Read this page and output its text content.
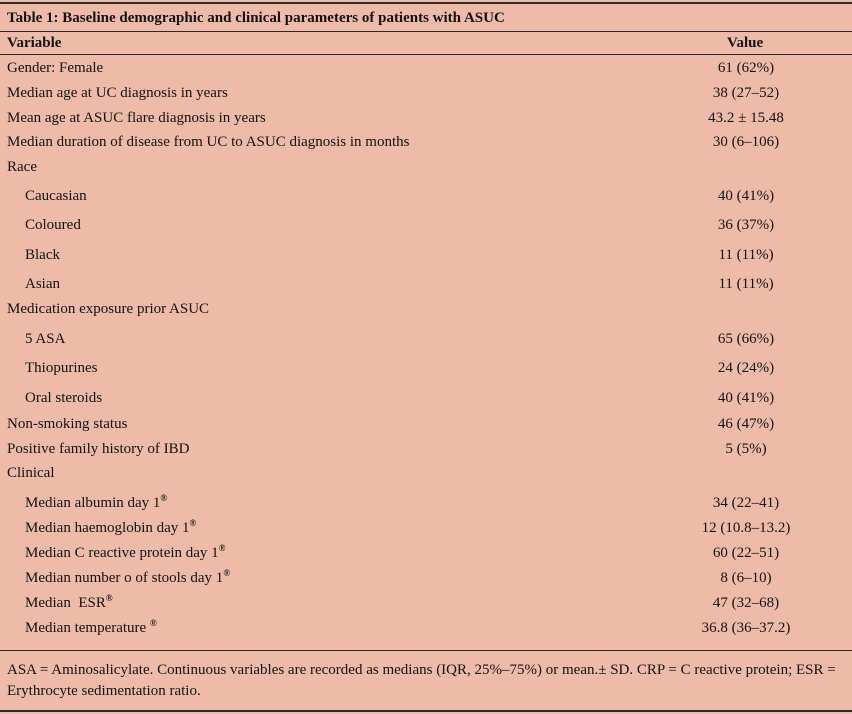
Table 1: Baseline demographic and clinical parameters of patients with ASUC
Variable	Value
Gender: Female	61 (62%)
Median age at UC diagnosis in years	38 (27–52)
Mean age at ASUC flare diagnosis in years	43.2 ± 15.48
Median duration of disease from UC to ASUC diagnosis in months	30 (6–106)
Race
Caucasian	40 (41%)
Coloured	36 (37%)
Black	11 (11%)
Asian	11 (11%)
Medication exposure prior ASUC
5 ASA	65 (66%)
Thiopurines	24 (24%)
Oral steroids	40 (41%)
Non-smoking status	46 (47%)
Positive family history of IBD	5 (5%)
Clinical
Median albumin day 1®	34 (22–41)
Median haemoglobin day 1®	12 (10.8–13.2)
Median C reactive protein day 1®	60 (22–51)
Median number o of stools day 1®	8 (6–10)
Median  ESR®	47 (32–68)
Median temperature ®	36.8 (36–37.2)
ASA = Aminosalicylate. Continuous variables are recorded as medians (IQR, 25%–75%) or mean.± SD. CRP = C reactive protein; ESR = Erythrocyte sedimentation ratio.
